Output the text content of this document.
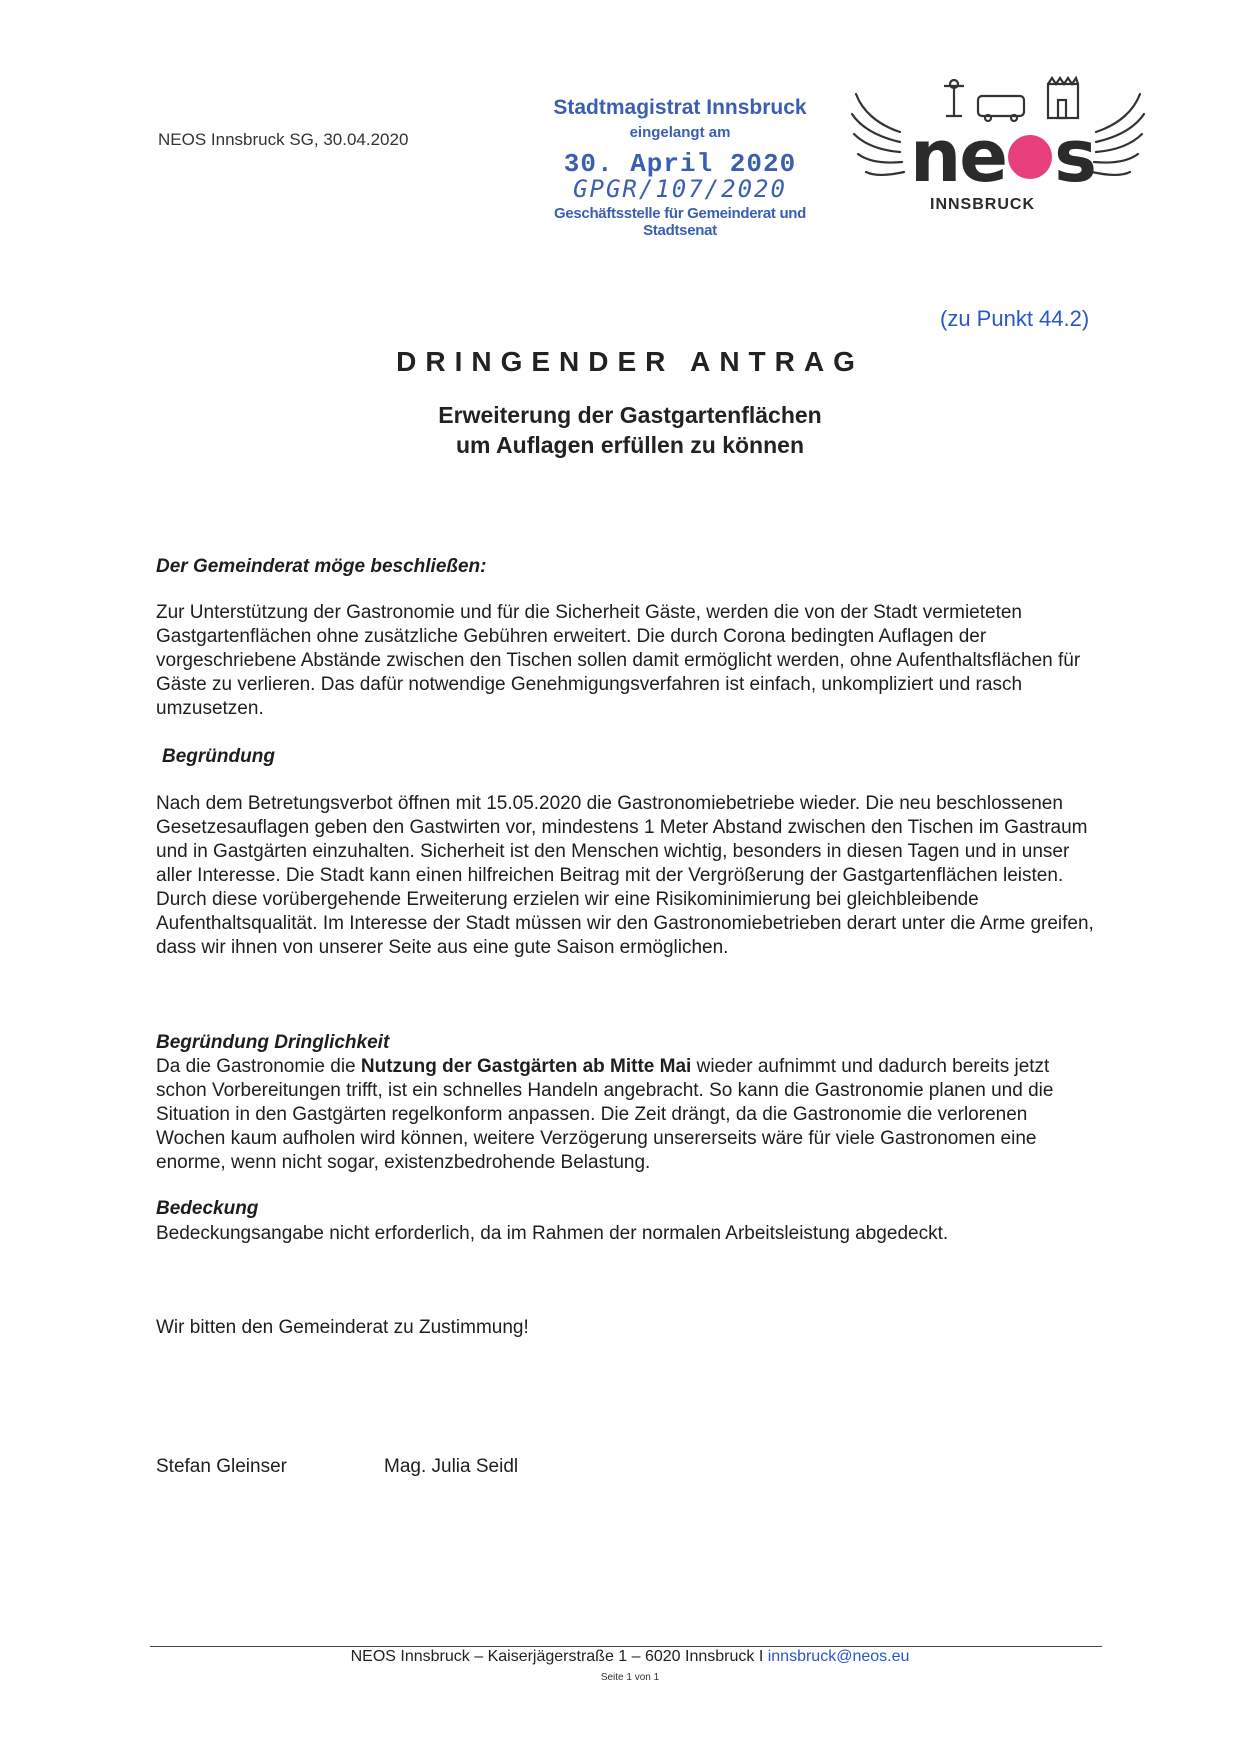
NEOS Innsbruck SG, 30.04.2020
Stadtmagistrat Innsbruck
eingelangt am
30. April 2020
GPGR/107/2020
Geschäftsstelle für Gemeinderat und Stadtsenat
ne s
INNSBRUCK
(zu Punkt 44.2)
DRINGENDER ANTRAG
Erweiterung der Gastgartenflächen
um Auflagen erfüllen zu können
Der Gemeinderat möge beschließen:
Zur Unterstützung der Gastronomie und für die Sicherheit Gäste, werden die von der Stadt vermieteten Gastgartenflächen ohne zusätzliche Gebühren erweitert. Die durch Corona bedingten Auflagen der vorgeschriebene Abstände zwischen den Tischen sollen damit ermöglicht werden, ohne Aufenthaltsflächen für Gäste zu verlieren. Das dafür notwendige Genehmigungsverfahren ist einfach, unkompliziert und rasch umzusetzen.
Begründung
Nach dem Betretungsverbot öffnen mit 15.05.2020 die Gastronomiebetriebe wieder. Die neu beschlossenen Gesetzesauflagen geben den Gastwirten vor, mindestens 1 Meter Abstand zwischen den Tischen im Gastraum und in Gastgärten einzuhalten. Sicherheit ist den Menschen wichtig, besonders in diesen Tagen und in unser aller Interesse. Die Stadt kann einen hilfreichen Beitrag mit der Vergrößerung der Gastgartenflächen leisten. Durch diese vorübergehende Erweiterung erzielen wir eine Risikominimierung bei gleichbleibende Aufenthaltsqualität. Im Interesse der Stadt müssen wir den Gastronomiebetrieben derart unter die Arme greifen, dass wir ihnen von unserer Seite aus eine gute Saison ermöglichen.
Begründung Dringlichkeit
Da die Gastronomie die Nutzung der Gastgärten ab Mitte Mai wieder aufnimmt und dadurch bereits jetzt schon Vorbereitungen trifft, ist ein schnelles Handeln angebracht. So kann die Gastronomie planen und die Situation in den Gastgärten regelkonform anpassen. Die Zeit drängt, da die Gastronomie die verlorenen Wochen kaum aufholen wird können, weitere Verzögerung unsererseits wäre für viele Gastronomen eine enorme, wenn nicht sogar, existenzbedrohende Belastung.
Bedeckung
Bedeckungsangabe nicht erforderlich, da im Rahmen der normalen Arbeitsleistung abgedeckt.
Wir bitten den Gemeinderat zu Zustimmung!
Stefan Gleinser	Mag. Julia Seidl
NEOS Innsbruck – Kaiserjägerstraße 1 – 6020 Innsbruck I innsbruck@neos.eu
Seite 1 von 1
